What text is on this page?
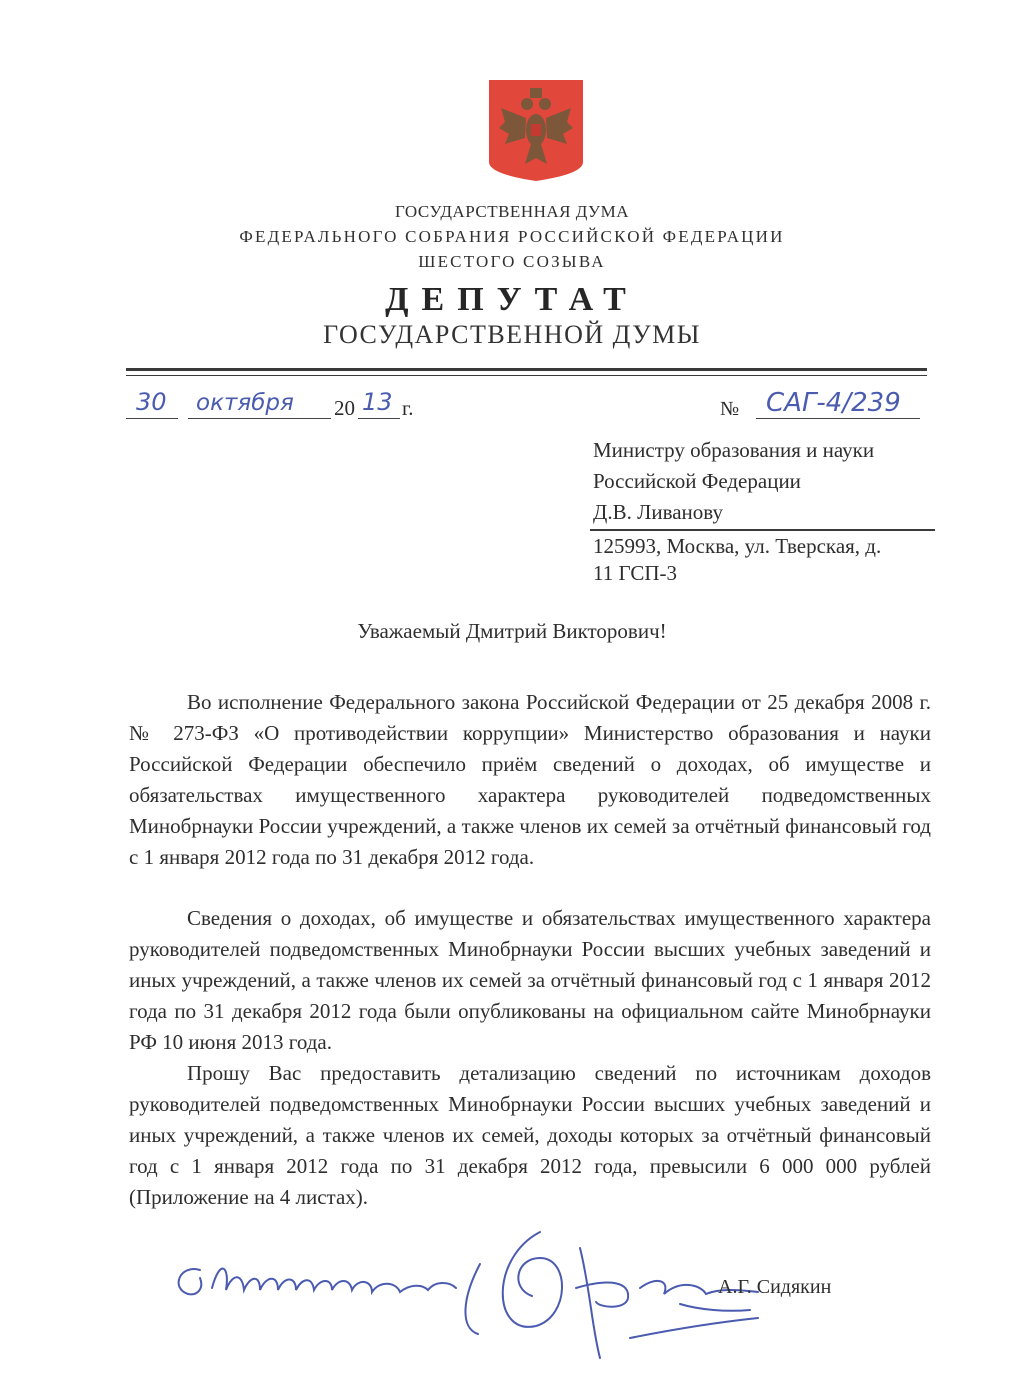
ГОСУДАРСТВЕННАЯ ДУМА
ФЕДЕРАЛЬНОГО СОБРАНИЯ РОССИЙСКОЙ ФЕДЕРАЦИИ
ШЕСТОГО СОЗЫВА
ДЕПУТАТ
ГОСУДАРСТВЕННОЙ ДУМЫ
30 октября 20 13 г.	№ САГ-4/239
Министру образования и науки
Российской Федерации
Д.В. Ливанову
125993, Москва, ул. Тверская, д.
11 ГСП-3
Уважаемый Дмитрий Викторович!

Во исполнение Федерального закона Российской Федерации от 25 декабря 2008 г. № 273-ФЗ «О противодействии коррупции» Министерство образования и науки Российской Федерации обеспечило приём сведений о доходах, об имуществе и обязательствах имущественного характера руководителей подведомственных Минобрнауки России учреждений, а также членов их семей за отчётный финансовый год с 1 января 2012 года по 31 декабря 2012 года.

Сведения о доходах, об имуществе и обязательствах имущественного характера руководителей подведомственных Минобрнауки России высших учебных заведений и иных учреждений, а также членов их семей за отчётный финансовый год с 1 января 2012 года по 31 декабря 2012 года были опубликованы на официальном сайте Минобрнауки РФ 10 июня 2013 года.

Прошу Вас предоставить детализацию сведений по источникам доходов руководителей подведомственных Минобрнауки России высших учебных заведений и иных учреждений, а также членов их семей, доходы которых за отчётный финансовый год с 1 января 2012 года по 31 декабря 2012 года, превысили 6 000 000 рублей (Приложение на 4 листах).

А.Г. Сидякин
